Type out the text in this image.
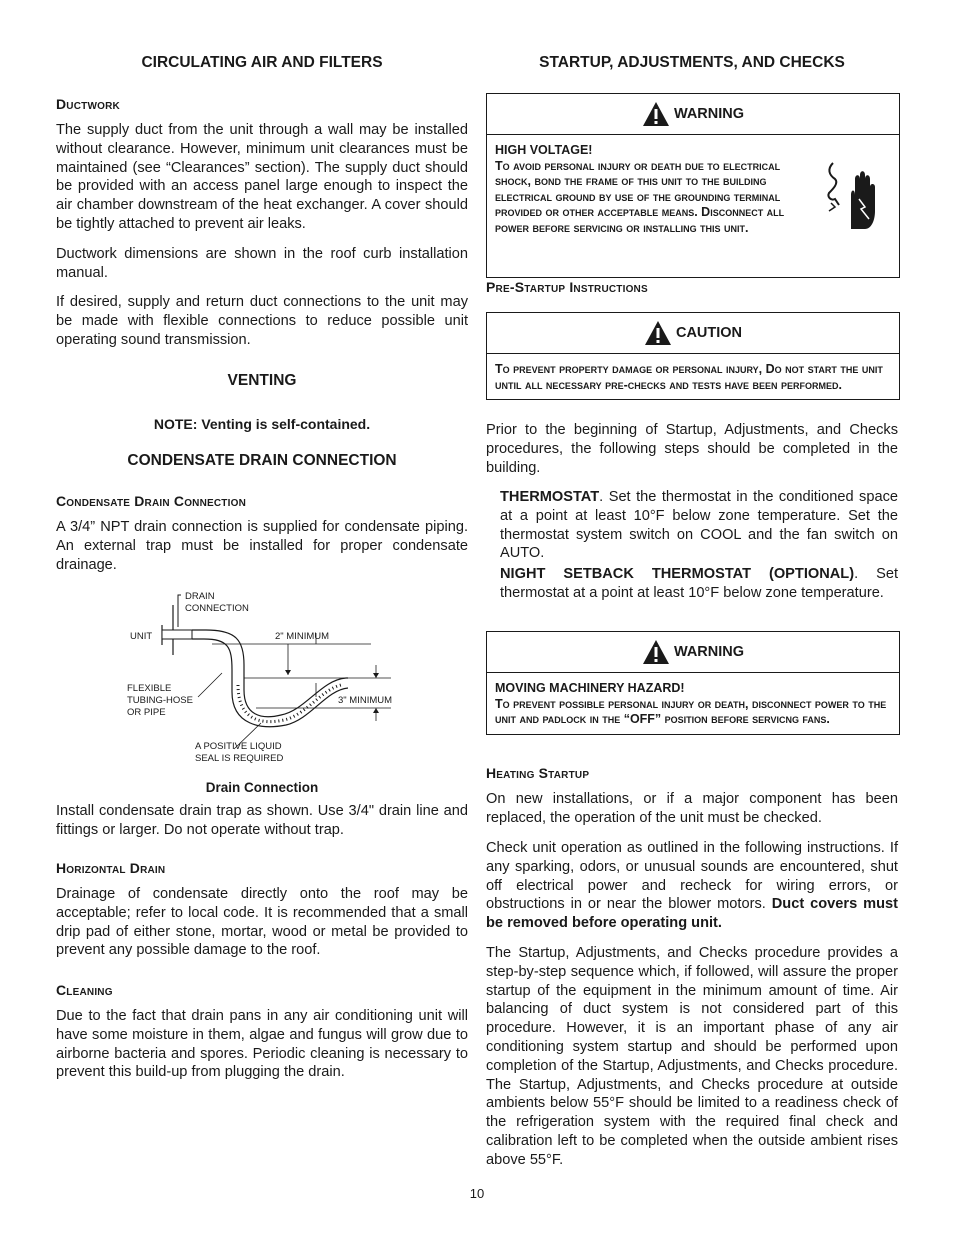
CIRCULATING AIR AND FILTERS
Ductwork

The supply duct from the unit through a wall may be installed without clearance. However, minimum unit clearances must be maintained (see “Clearances” section). The supply duct should be provided with an access panel large enough to inspect the air chamber downstream of the heat exchanger. A cover should be tightly attached to prevent air leaks.

Ductwork dimensions are shown in the roof curb installation manual.

If desired, supply and return duct connections to the unit may be made with flexible connections to reduce possible unit operating sound transmission.

VENTING

NOTE: Venting is self-contained.

CONDENSATE DRAIN CONNECTION
Condensate Drain Connection

A 3/4” NPT drain connection is supplied for condensate piping. An external trap must be installed for proper condensate drainage.

DRAIN
CONNECTION
UNIT	2" MINIMUM
FLEXIBLE
TUBING-HOSE
OR PIPE
3" MINIMUM
A POSITIVE LIQUID
SEAL IS REQUIRED

Drain Connection

Install condensate drain trap as shown. Use 3/4" drain line and fittings or larger. Do not operate without trap.

Horizontal Drain

Drainage of condensate directly onto the roof may be acceptable; refer to local code. It is recommended that a small drip pad of either stone, mortar, wood or metal be provided to prevent any possible damage to the roof.

Cleaning

Due to the fact that drain pans in any air conditioning unit will have some moisture in them, algae and fungus will grow due to airborne bacteria and spores. Periodic cleaning is necessary to prevent this build-up from plugging the drain.

STARTUP, ADJUSTMENTS, AND CHECKS
WARNING
HIGH VOLTAGE!
To avoid personal injury or death due to electrical shock, bond the frame of this unit to the building electrical ground by use of the grounding terminal provided or other acceptable means. Disconnect all power before servicing or installing this unit.
Pre-Startup Instructions
CAUTION
To prevent property damage or personal injury, Do not start the unit until all necessary pre-checks and tests have been performed.

Prior to the beginning of Startup, Adjustments, and Checks procedures, the following steps should be completed in the building.

THERMOSTAT. Set the thermostat in the conditioned space at a point at least 10°F below zone temperature. Set the thermostat system switch on COOL and the fan switch on AUTO.

NIGHT SETBACK THERMOSTAT (OPTIONAL). Set thermostat at a point at least 10°F below zone temperature.

WARNING
MOVING MACHINERY HAZARD!
To prevent possible personal injury or death, disconnect power to the unit and padlock in the “OFF” position before servicng fans.
Heating Startup

On new installations, or if a major component has been replaced, the operation of the unit must be checked.

Check unit operation as outlined in the following instructions. If any sparking, odors, or unusual sounds are encountered, shut off electrical power and recheck for wiring errors, or obstructions in or near the blower motors. Duct covers must be removed before operating unit.

The Startup, Adjustments, and Checks procedure provides a step-by-step sequence which, if followed, will assure the proper startup of the equipment in the minimum amount of time. Air balancing of duct system is not considered part of this procedure. However, it is an important phase of any air conditioning system startup and should be performed upon completion of the Startup, Adjustments, and Checks procedure. The Startup, Adjustments, and Checks procedure at outside ambients below 55°F should be limited to a readiness check of the refrigeration system with the required final check and calibration left to be completed when the outside ambient rises above 55°F.

10
